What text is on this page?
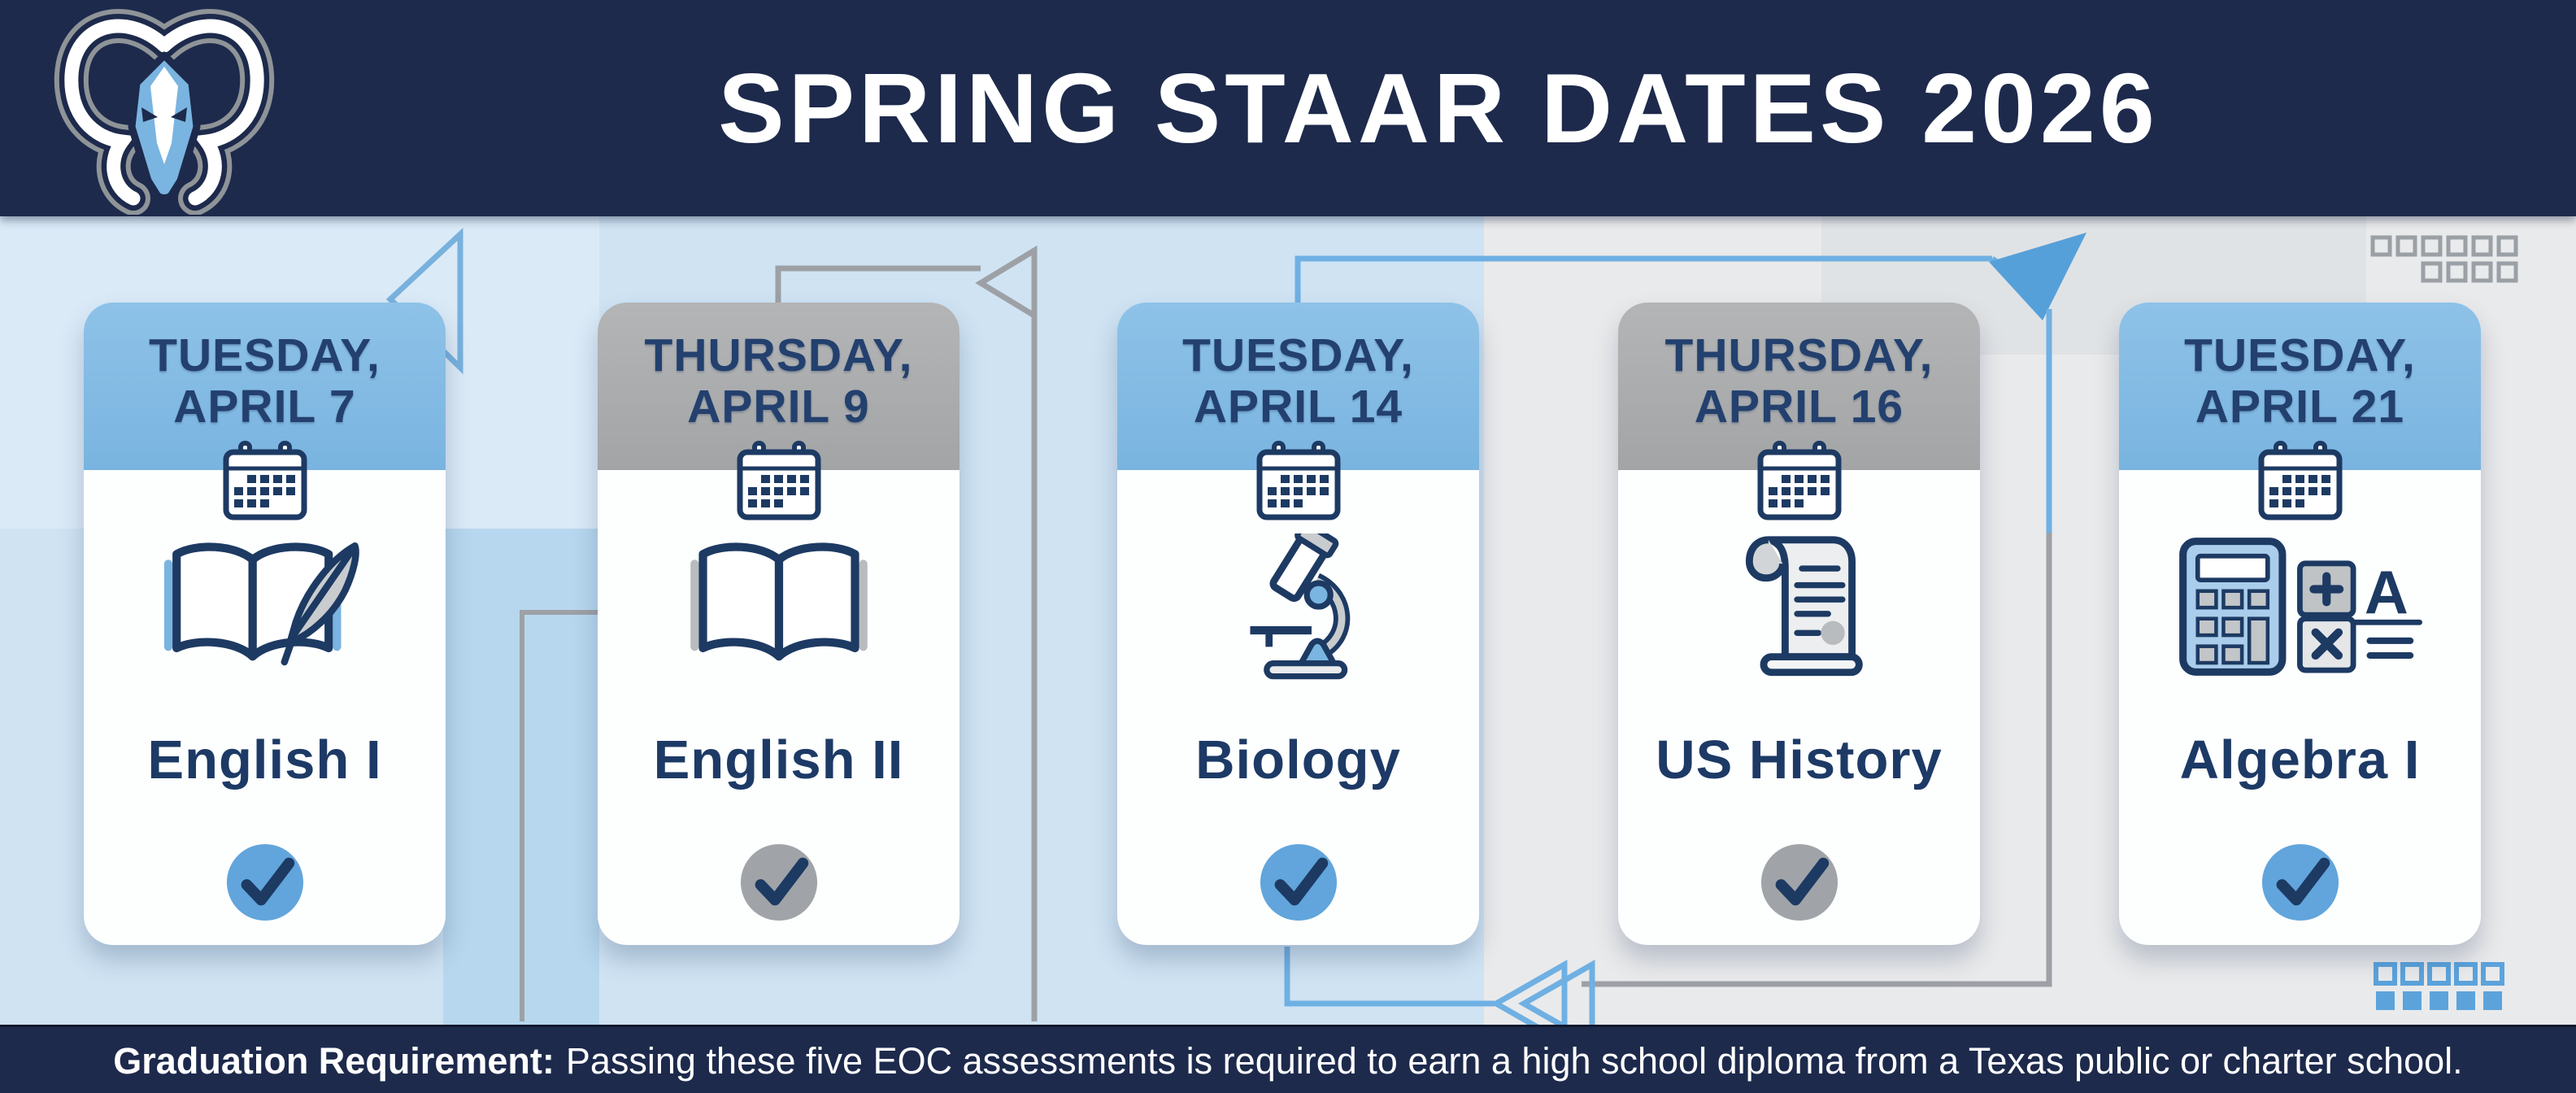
SPRING STAAR DATES 2026
TUESDAY,
APRIL 7
English I
THURSDAY,
APRIL 9
English II
TUESDAY,
APRIL 14
Biology
THURSDAY,
APRIL 16
US History
TUESDAY,
APRIL 21
A
Algebra I
Graduation Requirement: Passing these five EOC assessments is required to earn a high school diploma from a Texas public or charter school.
